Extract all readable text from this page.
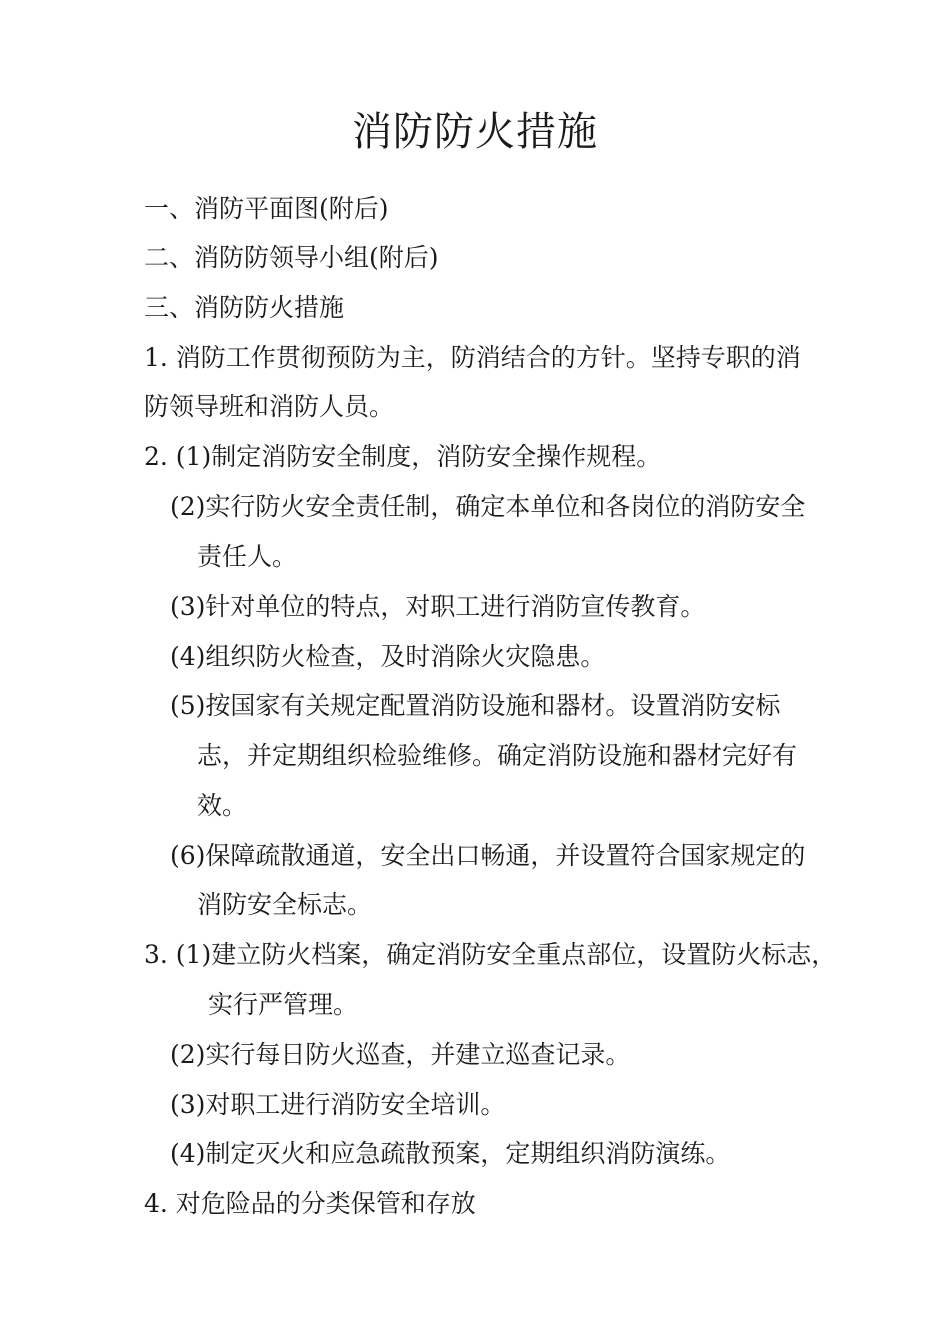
消防防火措施
一、消防平面图(附后)
二、消防防领导小组(附后)
三、消防防火措施
1. 消防工作贯彻预防为主，防消结合的方针。坚持专职的消
防领导班和消防人员。
2. (1)制定消防安全制度，消防安全操作规程。
(2)实行防火安全责任制，确定本单位和各岗位的消防安全
责任人。
(3)针对单位的特点，对职工进行消防宣传教育。
(4)组织防火检查，及时消除火灾隐患。
(5)按国家有关规定配置消防设施和器材。设置消防安标
志，并定期组织检验维修。确定消防设施和器材完好有
效。
(6)保障疏散通道，安全出口畅通，并设置符合国家规定的
消防安全标志。
3. (1)建立防火档案，确定消防安全重点部位，设置防火标志，
实行严管理。
(2)实行每日防火巡查，并建立巡查记录。
(3)对职工进行消防安全培训。
(4)制定灭火和应急疏散预案，定期组织消防演练。
4. 对危险品的分类保管和存放
